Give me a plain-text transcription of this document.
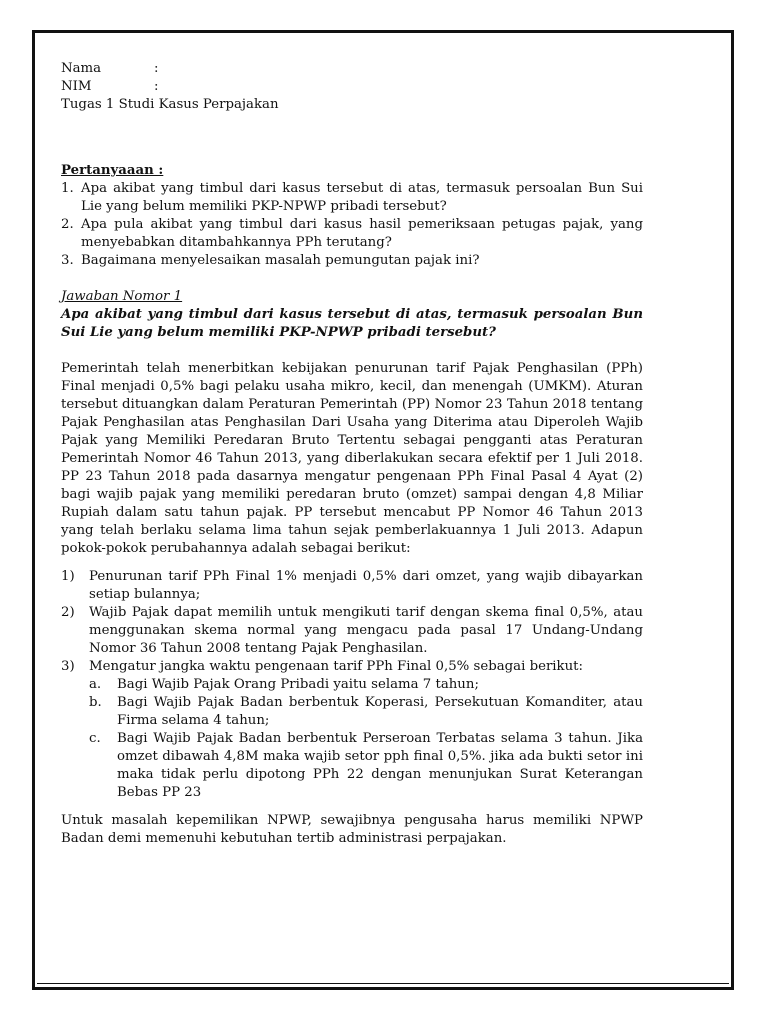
Nama	:
NIM	:
Tugas 1 Studi Kasus Perpajakan
Pertanyaaan :
1. Apa akibat yang timbul dari kasus tersebut di atas, termasuk persoalan Bun Sui Lie yang belum memiliki PKP-NPWP pribadi tersebut?
2. Apa pula akibat yang timbul dari kasus hasil pemeriksaan petugas pajak, yang menyebabkan ditambahkannya PPh terutang?
3. Bagaimana menyelesaikan masalah pemungutan pajak ini?
Jawaban Nomor 1
Apa akibat yang timbul dari kasus tersebut di atas, termasuk persoalan Bun Sui Lie yang belum memiliki PKP-NPWP pribadi tersebut?
Pemerintah telah menerbitkan kebijakan penurunan tarif Pajak Penghasilan (PPh) Final menjadi 0,5% bagi pelaku usaha mikro, kecil, dan menengah (UMKM). Aturan tersebut dituangkan dalam Peraturan Pemerintah (PP) Nomor 23 Tahun 2018 tentang Pajak Penghasilan atas Penghasilan Dari Usaha yang Diterima atau Diperoleh Wajib Pajak yang Memiliki Peredaran Bruto Tertentu sebagai pengganti atas Peraturan Pemerintah Nomor 46 Tahun 2013, yang diberlakukan secara efektif per 1 Juli 2018. PP 23 Tahun 2018 pada dasarnya mengatur pengenaan PPh Final Pasal 4 Ayat (2) bagi wajib pajak yang memiliki peredaran bruto (omzet) sampai dengan 4,8 Miliar Rupiah dalam satu tahun pajak. PP tersebut mencabut PP Nomor 46 Tahun 2013 yang telah berlaku selama lima tahun sejak pemberlakuannya 1 Juli 2013. Adapun pokok-pokok perubahannya adalah sebagai berikut:
1)	Penurunan tarif PPh Final 1% menjadi 0,5% dari omzet, yang wajib dibayarkan setiap bulannya;
2)	Wajib Pajak dapat memilih untuk mengikuti tarif dengan skema final 0,5%, atau menggunakan skema normal yang mengacu pada pasal 17 Undang-Undang Nomor 36 Tahun 2008 tentang Pajak Penghasilan.
3)	Mengatur jangka waktu pengenaan tarif PPh Final 0,5% sebagai berikut:
a.	Bagi Wajib Pajak Orang Pribadi yaitu selama 7 tahun;
b.	Bagi Wajib Pajak Badan berbentuk Koperasi, Persekutuan Komanditer, atau Firma selama 4 tahun;
c.	Bagi Wajib Pajak Badan berbentuk Perseroan Terbatas selama 3 tahun. Jika omzet dibawah 4,8M maka wajib setor pph final 0,5%. jika ada bukti setor ini maka tidak perlu dipotong PPh 22 dengan menunjukan Surat Keterangan Bebas PP 23
Untuk masalah kepemilikan NPWP, sewajibnya pengusaha harus memiliki NPWP Badan demi memenuhi kebutuhan tertib administrasi perpajakan.
